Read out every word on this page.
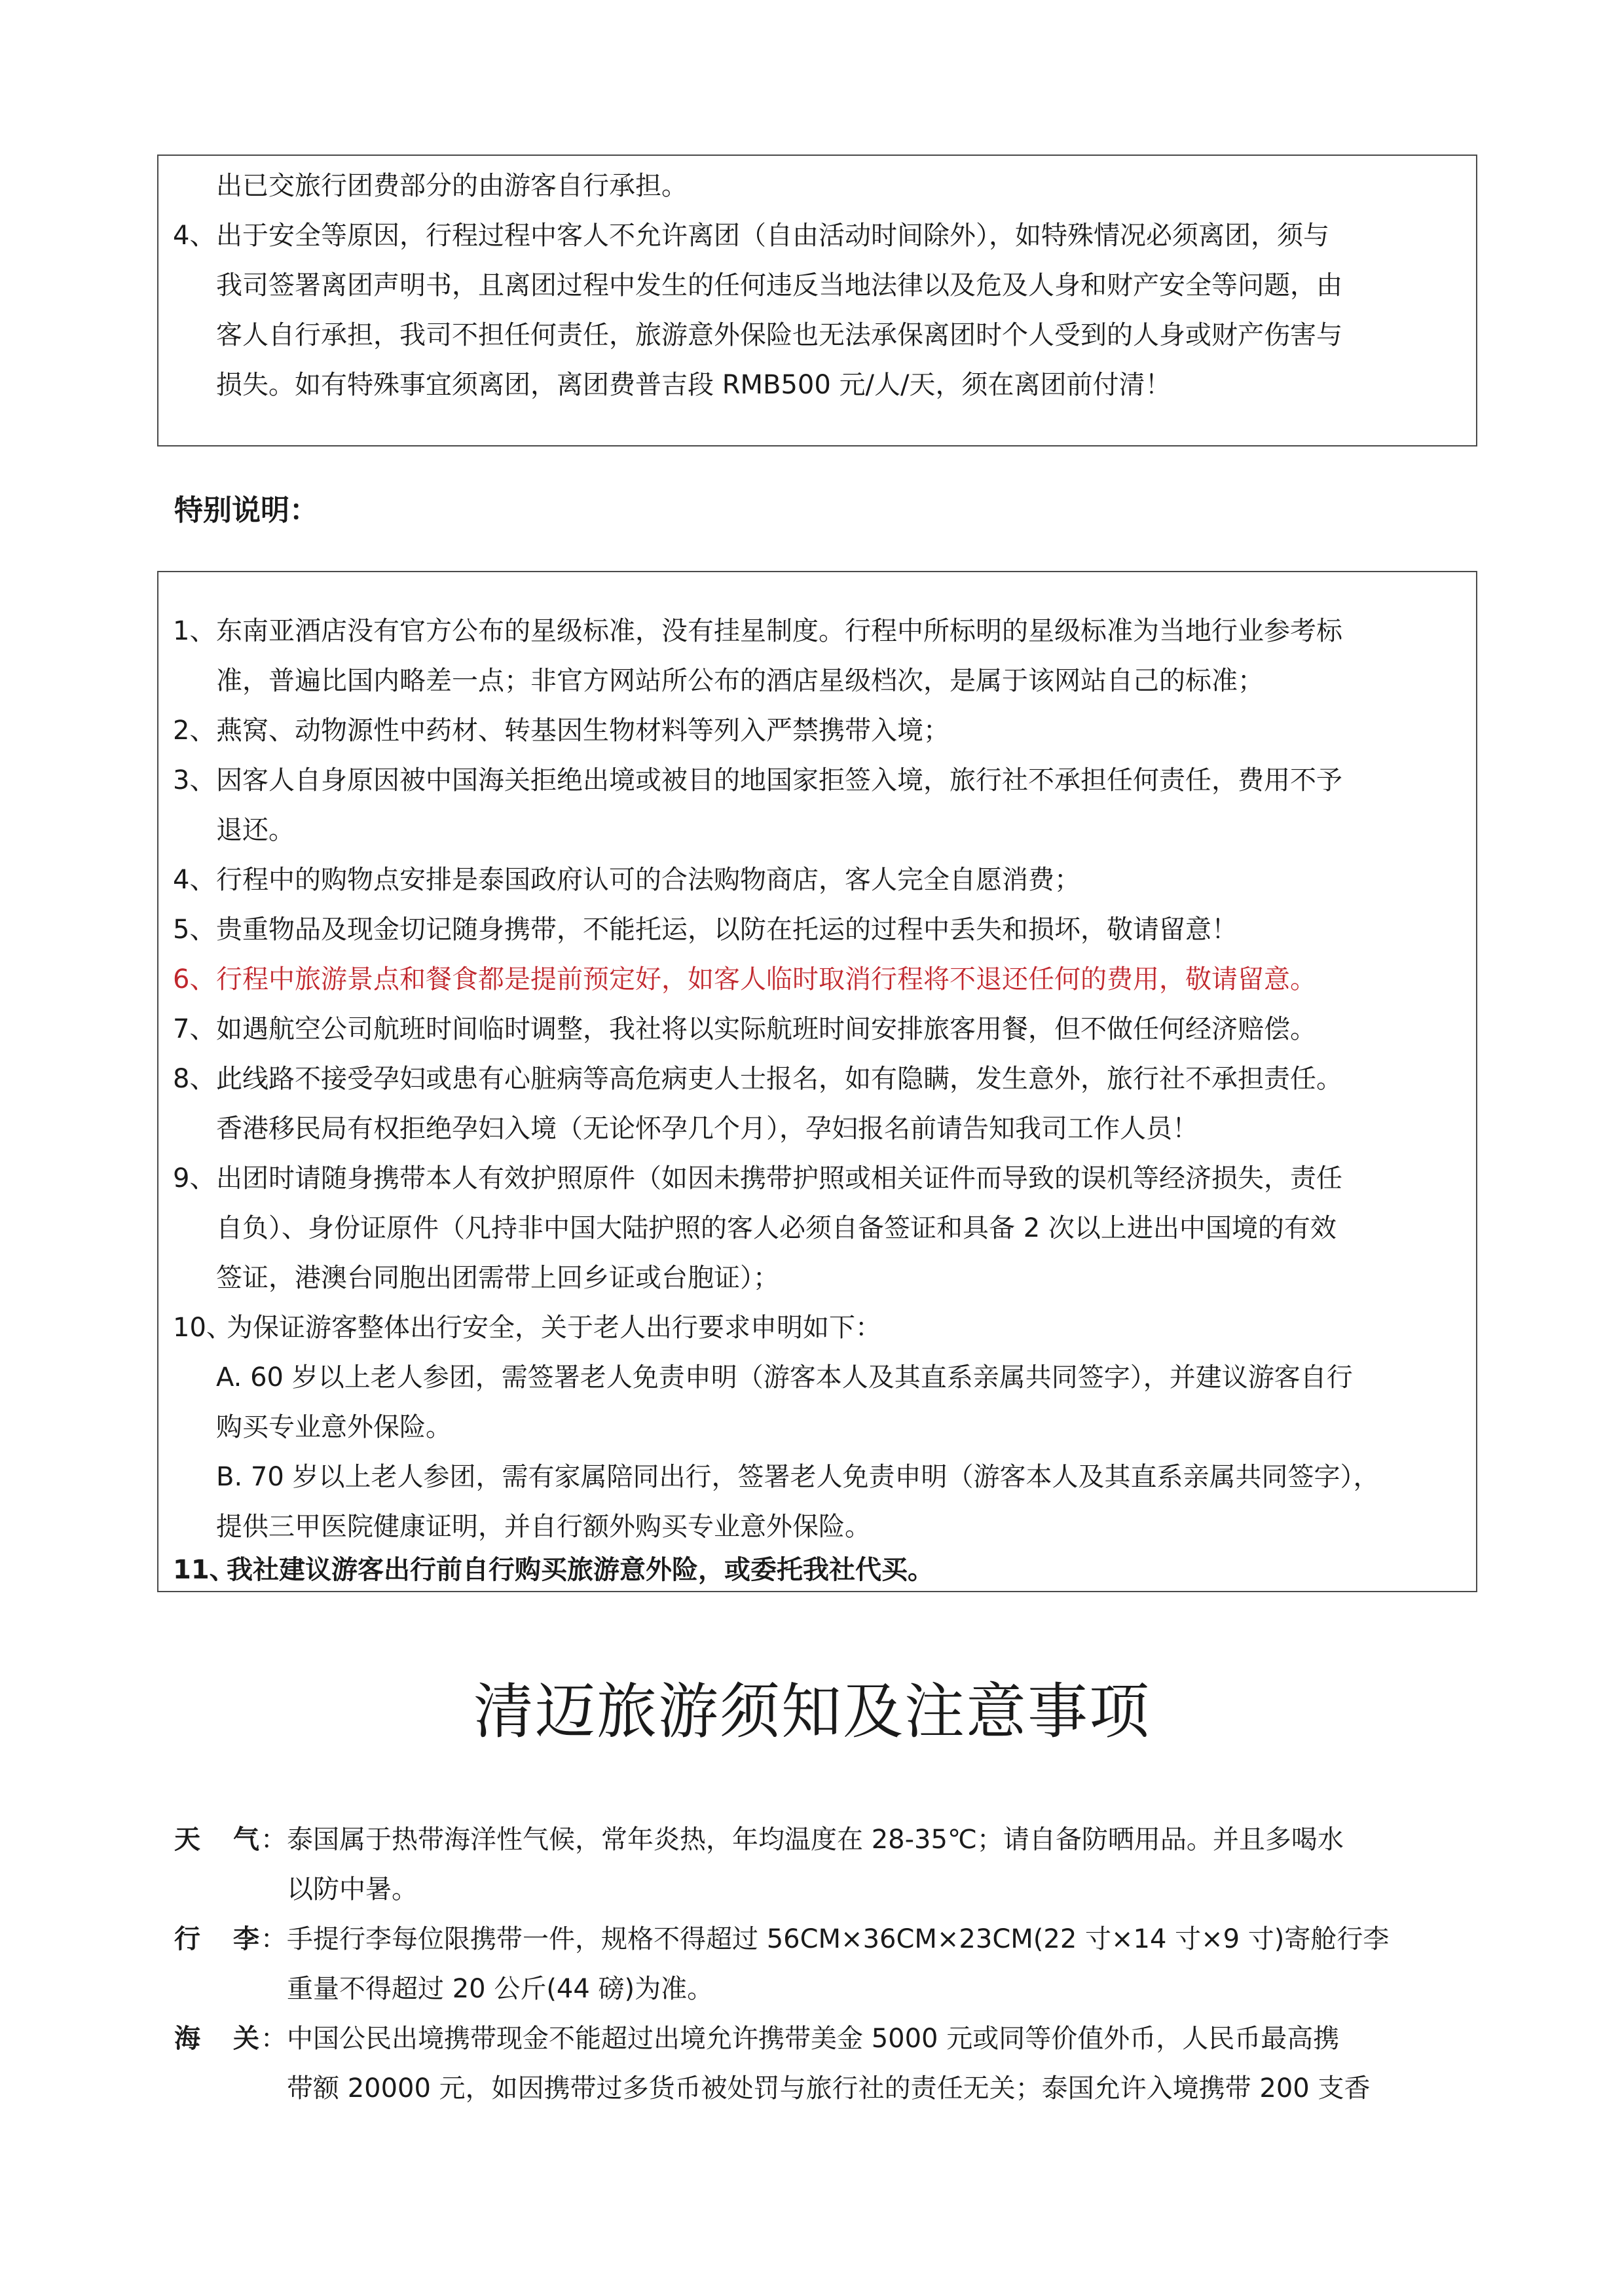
出已交旅行团费部分的由游客自行承担。
4、 出于安全等原因，行程过程中客人不允许离团（自由活动时间除外），如特殊情况必须离团，须与
我司签署离团声明书，且离团过程中发生的任何违反当地法律以及危及人身和财产安全等问题，由
客人自行承担，我司不担任何责任，旅游意外保险也无法承保离团时个人受到的人身或财产伤害与
损失。如有特殊事宜须离团，离团费普吉段 RMB500 元/人/天，须在离团前付清！
特别说明：
1、 东南亚酒店没有官方公布的星级标准，没有挂星制度。行程中所标明的星级标准为当地行业参考标
准，普遍比国内略差一点；非官方网站所公布的酒店星级档次，是属于该网站自己的标准；
2、 燕窝、动物源性中药材、转基因生物材料等列入严禁携带入境；
3、 因客人自身原因被中国海关拒绝出境或被目的地国家拒签入境，旅行社不承担任何责任，费用不予
退还。
4、 行程中的购物点安排是泰国政府认可的合法购物商店，客人完全自愿消费；
5、 贵重物品及现金切记随身携带，不能托运，以防在托运的过程中丢失和损坏，敬请留意！
6、 行程中旅游景点和餐食都是提前预定好，如客人临时取消行程将不退还任何的费用，敬请留意。
7、 如遇航空公司航班时间临时调整，我社将以实际航班时间安排旅客用餐，但不做任何经济赔偿。
8、 此线路不接受孕妇或患有心脏病等高危病吏人士报名，如有隐瞒，发生意外，旅行社不承担责任。
香港移民局有权拒绝孕妇入境（无论怀孕几个月），孕妇报名前请告知我司工作人员！
9、 出团时请随身携带本人有效护照原件（如因未携带护照或相关证件而导致的误机等经济损失，责任
自负）、身份证原件（凡持非中国大陆护照的客人必须自备签证和具备 2 次以上进出中国境的有效
签证，港澳台同胞出团需带上回乡证或台胞证）；
10、
为保证游客整体出行安全，关于老人出行要求申明如下：
A. 60 岁以上老人参团，需签署老人免责申明（游客本人及其直系亲属共同签字），并建议游客自行
购买专业意外保险。
B. 70 岁以上老人参团，需有家属陪同出行，签署老人免责申明（游客本人及其直系亲属共同签字），
提供三甲医院健康证明，并自行额外购买专业意外保险。
11、
我社建议游客出行前自行购买旅游意外险，或委托我社代买。
清迈旅游须知及注意事项
天 气 ：泰国属于热带海洋性气候，常年炎热，年均温度在 28-35℃；请自备防晒用品。并且多喝水
以防中暑。
行 李 ：手提行李每位限携带一件，规格不得超过 56CM×36CM×23CM(22 寸×14 寸×9 寸)寄舱行李
重量不得超过 20 公斤(44 磅)为准。
海 关 ：中国公民出境携带现金不能超过出境允许携带美金 5000 元或同等价值外币，人民币最高携
带额 20000 元，如因携带过多货币被处罚与旅行社的责任无关；泰国允许入境携带 200 支香
